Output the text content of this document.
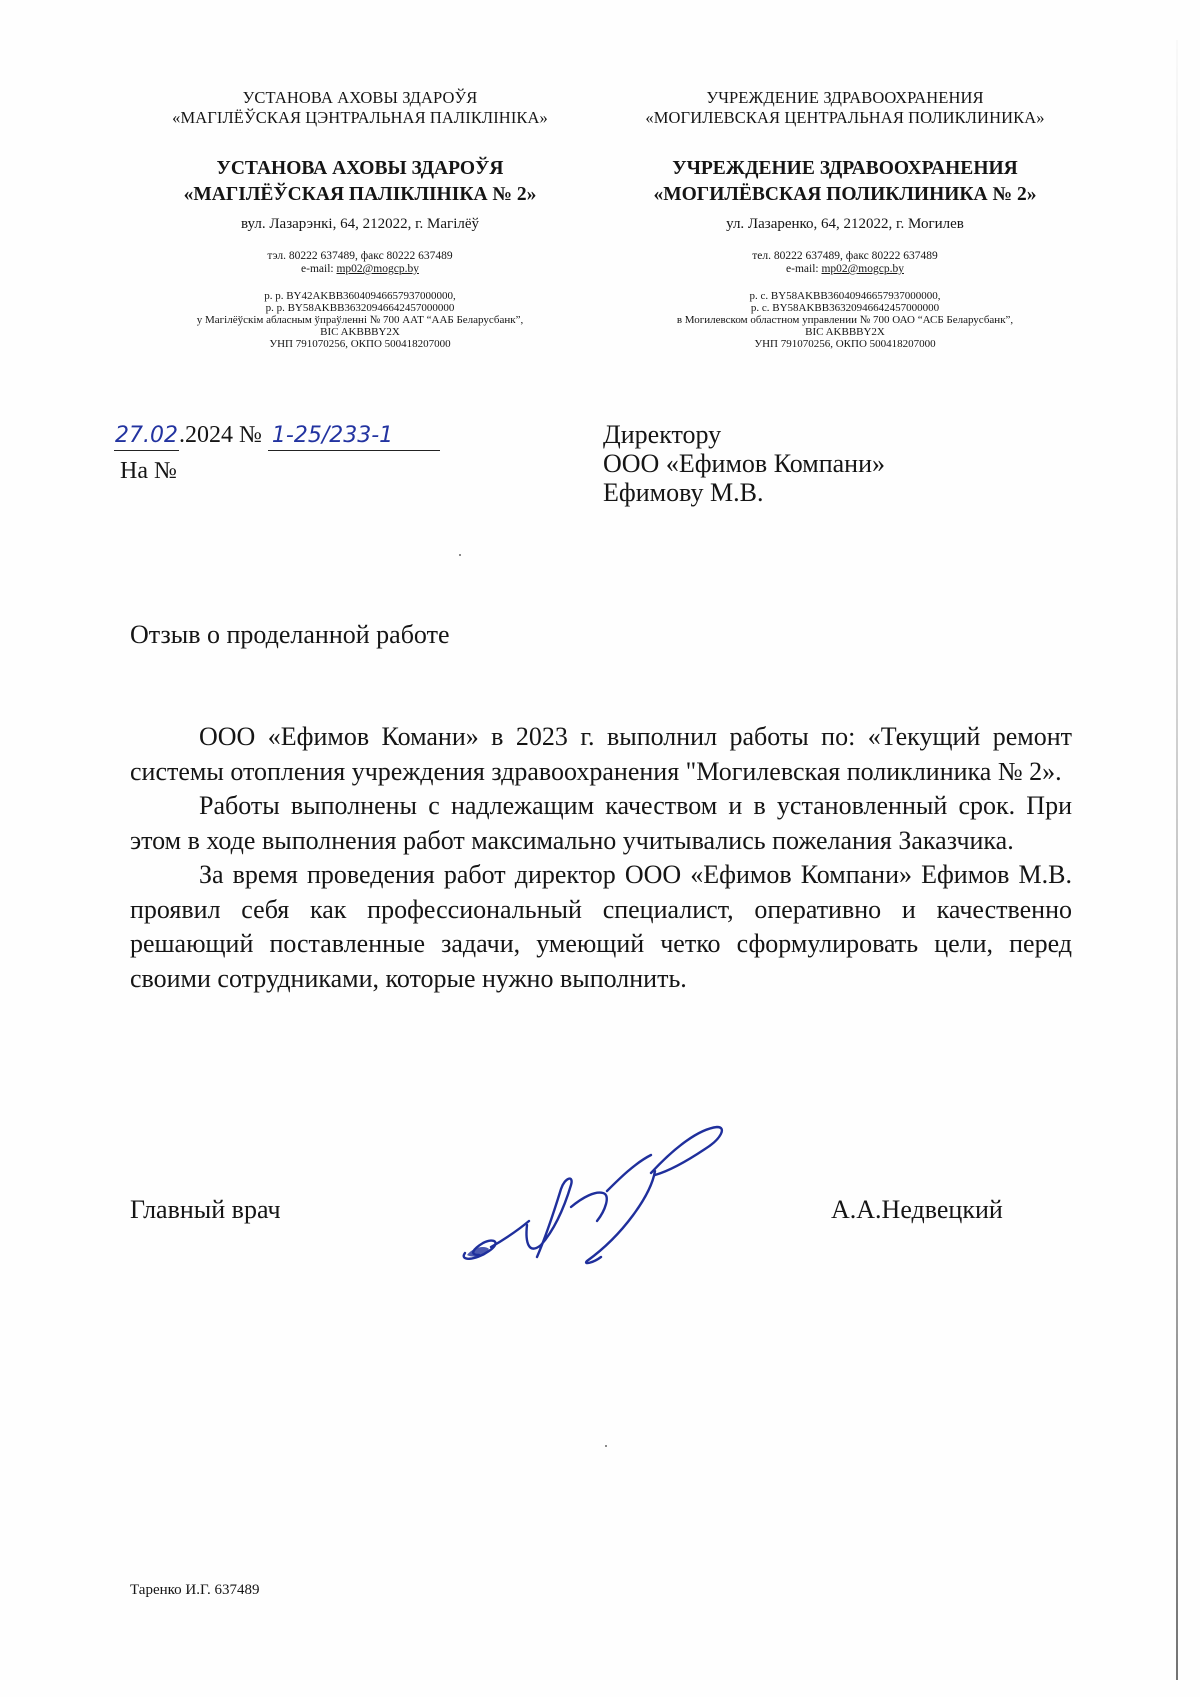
УСТАНОВА АХОВЫ ЗДАРОЎЯ
«МАГІЛЁЎСКАЯ ЦЭНТРАЛЬНАЯ ПАЛІКЛІНІКА»
УСТАНОВА АХОВЫ ЗДАРОЎЯ
«МАГІЛЁЎСКАЯ ПАЛІКЛІНІКА № 2»
вул. Лазарэнкі, 64, 212022, г. Магілёў
тэл. 80222 637489, факс 80222 637489
e-mail: mp02@mogcp.by
р. р. BY42AKBB36040946657937000000,
р. р. BY58AKBB36320946642457000000
у Магілёўскім абласным ўпраўленні № 700 ААТ “ААБ Беларусбанк”,
BIC AKBBBY2X
УНП 791070256, ОКПО 500418207000
УЧРЕЖДЕНИЕ ЗДРАВООХРАНЕНИЯ
«МОГИЛЕВСКАЯ ЦЕНТРАЛЬНАЯ ПОЛИКЛИНИКА»
УЧРЕЖДЕНИЕ ЗДРАВООХРАНЕНИЯ
«МОГИЛЁВСКАЯ ПОЛИКЛИНИКА № 2»
ул. Лазаренко, 64, 212022, г. Могилев
тел. 80222 637489, факс 80222 637489
e-mail: mp02@mogcp.by
р. с. BY58AKBB36040946657937000000,
р. с. BY58AKBB36320946642457000000
в Могилевском областном управлении № 700 ОАО “АСБ Беларусбанк”,
BIC AKBBBY2X
УНП 791070256, ОКПО 500418207000
27.02.2024 № 1-25/233-1
На №
Директору
ООО «Ефимов Компани»
Ефимову М.В.
Отзыв о проделанной работе

ООО «Ефимов Комани» в 2023 г. выполнил работы по: «Текущий ремонт системы отопления учреждения здравоохранения "Могилевская поликлиника № 2».

Работы выполнены с надлежащим качеством и в установленный срок. При этом в ходе выполнения работ максимально учитывались пожелания Заказчика.

За время проведения работ директор ООО «Ефимов Компани» Ефимов М.В. проявил себя как профессиональный специалист, оперативно и качественно решающий поставленные задачи, умеющий четко сформулировать цели, перед своими сотрудниками, которые нужно выполнить.

Главный врач	А.А.Недвецкий
Таренко И.Г. 637489
